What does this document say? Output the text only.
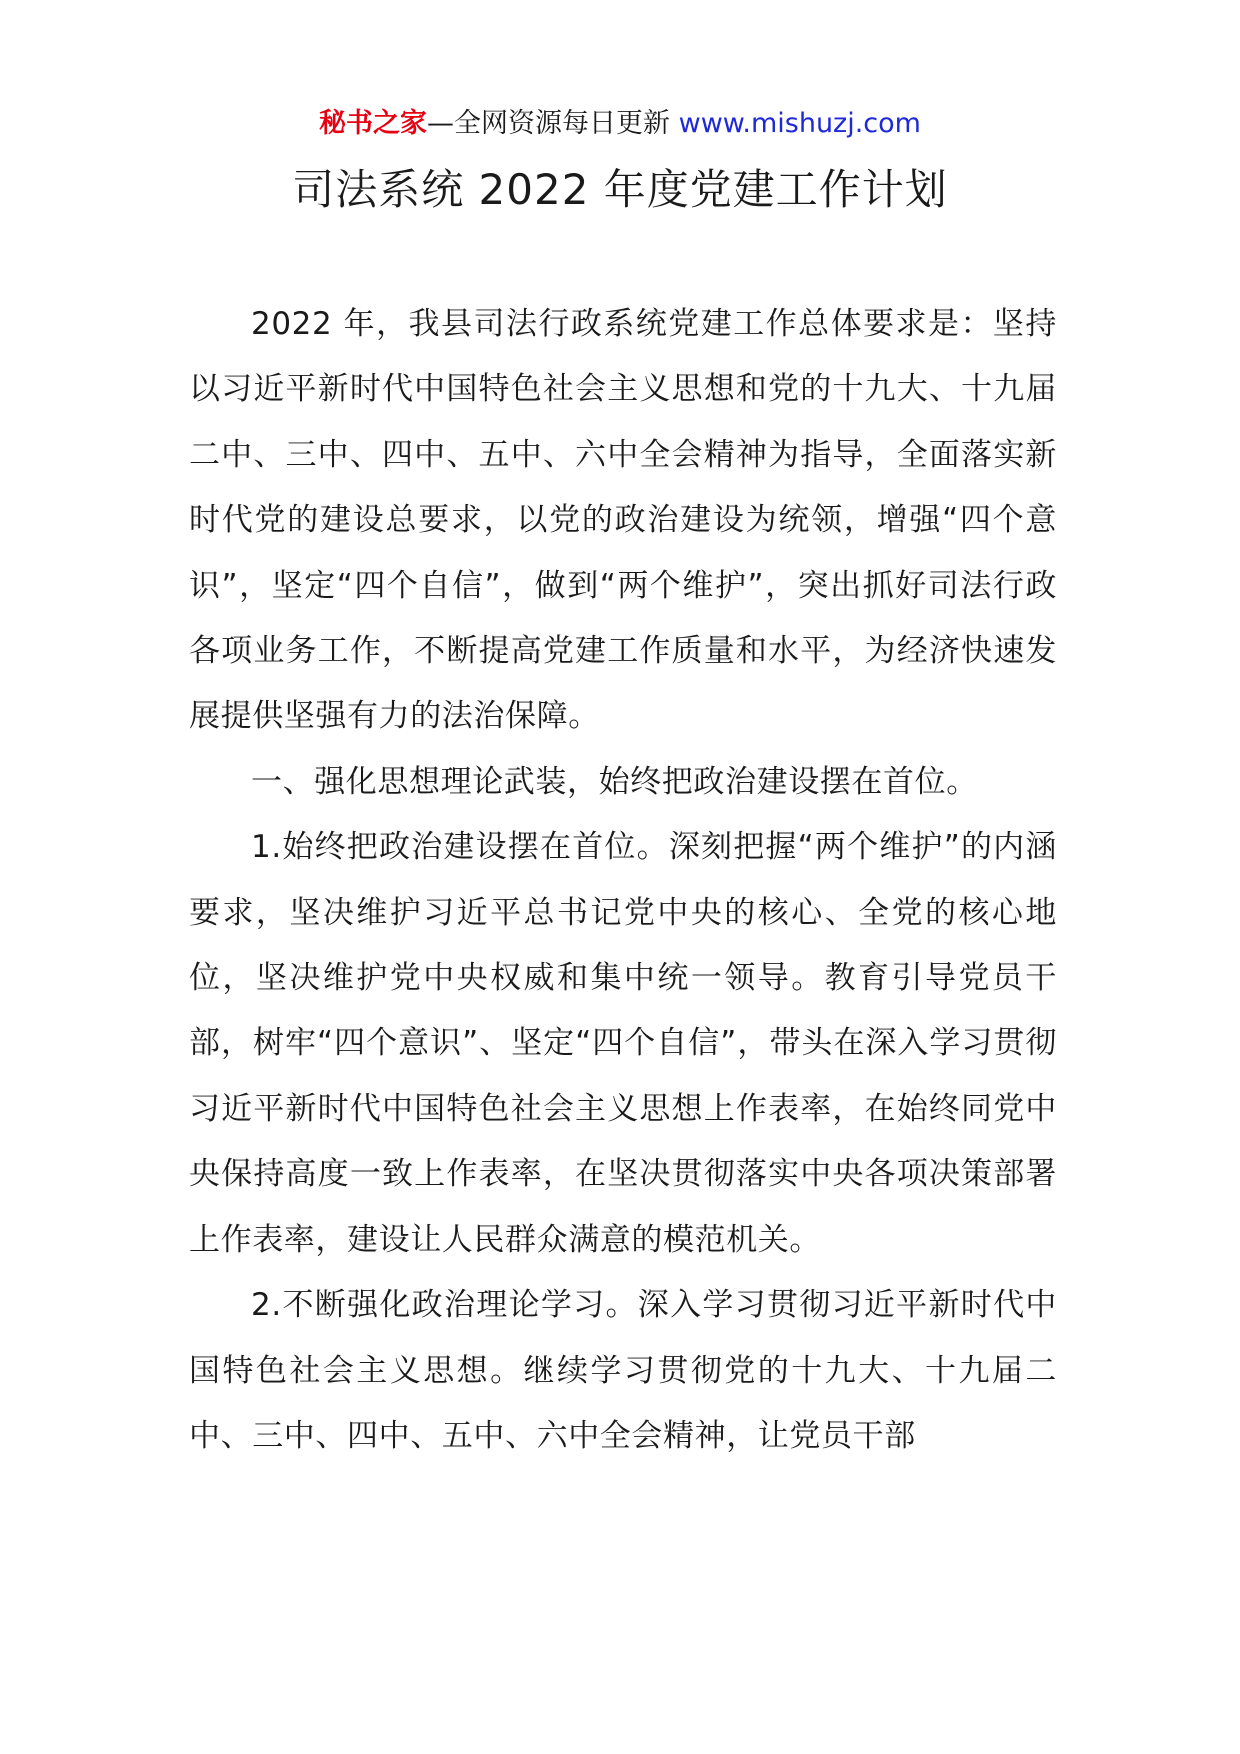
秘书之家—全网资源每日更新 www.mishuzj.com
司法系统 2022 年度党建工作计划

2022 年，我县司法行政系统党建工作总体要求是：坚持以习近平新时代中国特色社会主义思想和党的十九大、十九届二中、三中、四中、五中、六中全会精神为指导，全面落实新时代党的建设总要求，以党的政治建设为统领，增强“四个意识”，坚定“四个自信”，做到“两个维护”，突出抓好司法行政各项业务工作，不断提高党建工作质量和水平，为经济快速发展提供坚强有力的法治保障。

一、强化思想理论武装，始终把政治建设摆在首位。

1.始终把政治建设摆在首位。深刻把握“两个维护”的内涵要求，坚决维护习近平总书记党中央的核心、全党的核心地位，坚决维护党中央权威和集中统一领导。教育引导党员干部，树牢“四个意识”、坚定“四个自信”，带头在深入学习贯彻习近平新时代中国特色社会主义思想上作表率，在始终同党中央保持高度一致上作表率，在坚决贯彻落实中央各项决策部署上作表率，建设让人民群众满意的模范机关。

2.不断强化政治理论学习。深入学习贯彻习近平新时代中国特色社会主义思想。继续学习贯彻党的十九大、十九届二中、三中、四中、五中、六中全会精神，让党员干部
